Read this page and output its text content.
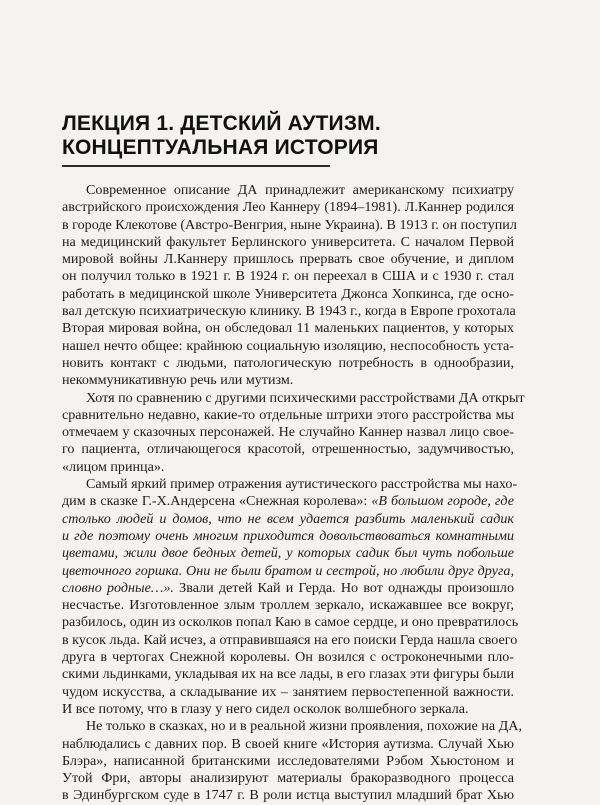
ЛЕКЦИЯ 1. ДЕТСКИЙ АУТИЗМ.
КОНЦЕПТУАЛЬНАЯ ИСТОРИЯ

Современное описание ДА принадлежит американскому психиатру
австрийского происхождения Лео Каннеру (1894–1981). Л.Каннер родился
в городе Клекотове (Австро-Венгрия, ныне Украина). В 1913 г. он поступил
на медицинский факультет Берлинского университета. С началом Первой
мировой войны Л.Каннеру пришлось прервать свое обучение, и диплом
он получил только в 1921 г. В 1924 г. он переехал в США и с 1930 г. стал
работать в медицинской школе Университета Джонса Хопкинса, где осно-
вал детскую психиатрическую клинику. В 1943 г., когда в Европе грохотала
Вторая мировая война, он обследовал 11 маленьких пациентов, у которых
нашел нечто общее: крайнюю социальную изоляцию, неспособность уста-
новить контакт с людьми, патологическую потребность в однообразии,
некоммуникативную речь или мутизм.

Хотя по сравнению с другими психическими расстройствами ДА открыт
сравнительно недавно, какие-то отдельные штрихи этого расстройства мы
отмечаем у сказочных персонажей. Не случайно Каннер назвал лицо свое-
го пациента, отличающегося красотой, отрешенностью, задумчивостью,
«лицом принца».

Самый яркий пример отражения аутистического расстройства мы нахо-
дим в сказке Г.-Х.Андерсена «Снежная королева»: «В большом городе, где
столько людей и домов, что не всем удается разбить маленький садик
и где поэтому очень многим приходится довольствоваться комнатными
цветами, жили двое бедных детей, у которых садик был чуть побольше
цветочного горшка. Они не были братом и сестрой, но любили друг друга,
словно родные…». Звали детей Кай и Герда. Но вот однажды произошло
несчастье. Изготовленное злым троллем зеркало, искажавшее все вокруг,
разбилось, один из осколков попал Каю в самое сердце, и оно превратилось
в кусок льда. Кай исчез, а отправившаяся на его поиски Герда нашла своего
друга в чертогах Снежной королевы. Он возился с остроконечными пло-
скими льдинками, укладывая их на все лады, в его глазах эти фигуры были
чудом искусства, а складывание их – занятием первостепенной важности.
И все потому, что в глазу у него сидел осколок волшебного зеркала.

Не только в сказках, но и в реальной жизни проявления, похожие на ДА,
наблюдались с давних пор. В своей книге «История аутизма. Случай Хью
Блэра», написанной британскими исследователями Рэбом Хьюстоном и
Утой Фри, авторы анализируют материалы бракоразводного процесса
в Эдинбургском суде в 1747 г. В роли истца выступил младший брат Хью
